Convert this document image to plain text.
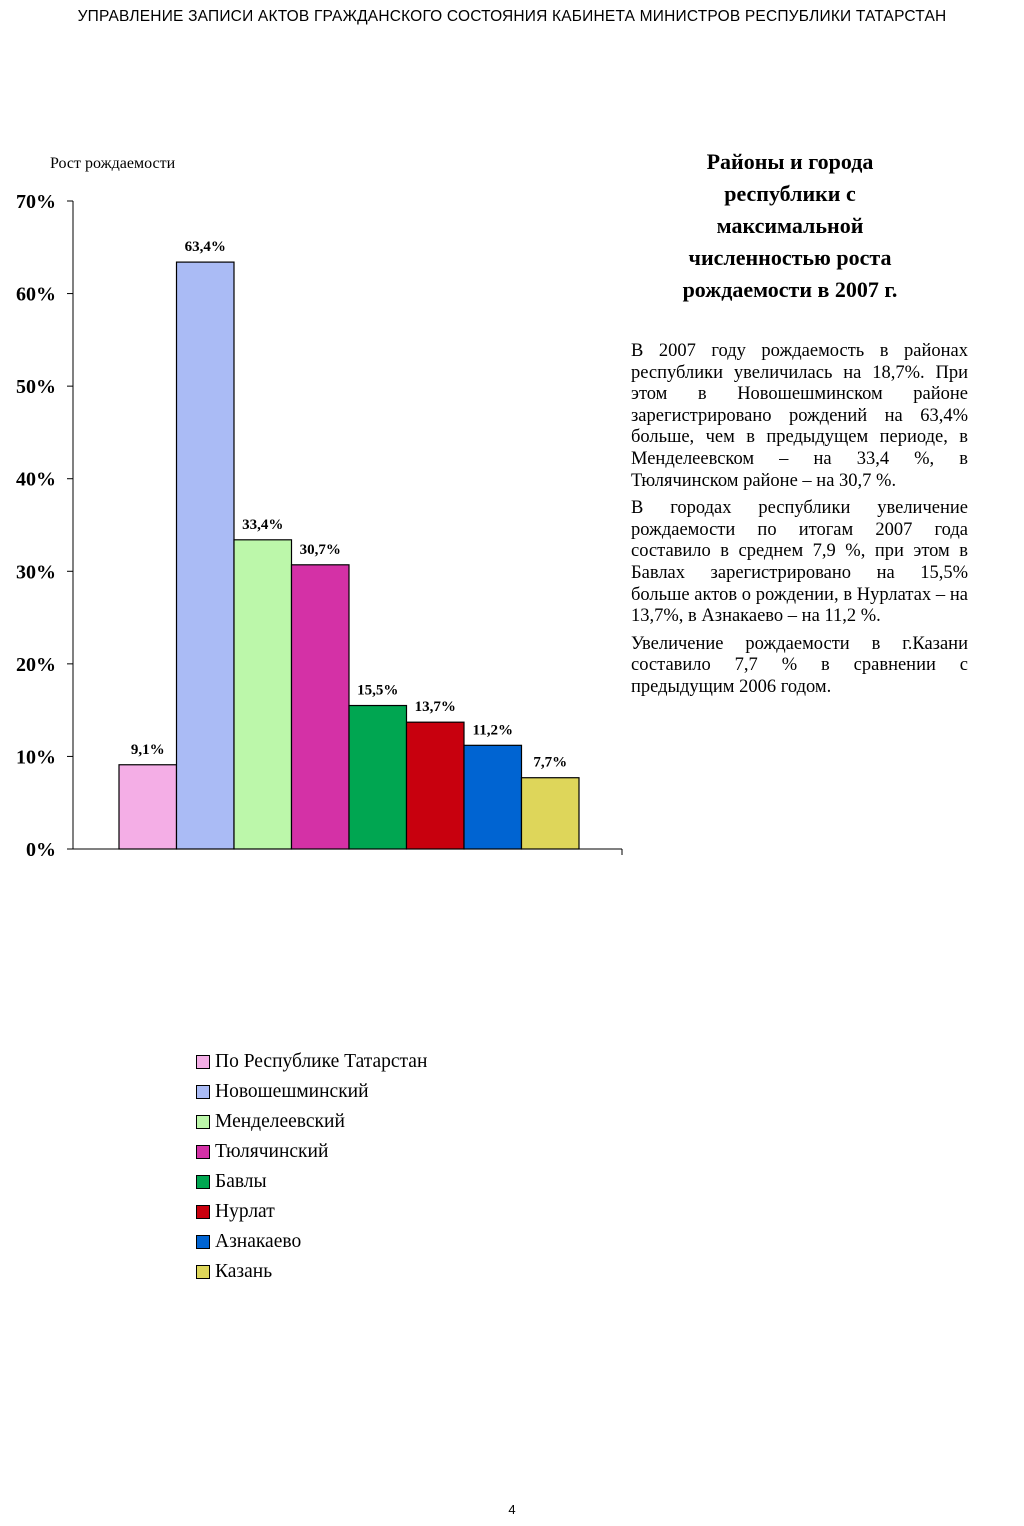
УПРАВЛЕНИЕ ЗАПИСИ АКТОВ ГРАЖДАНСКОГО СОСТОЯНИЯ КАБИНЕТА МИНИСТРОВ РЕСПУБЛИКИ ТАТАРСТАН
Рост рождаемости
0%
10%
20%
30%
40%
50%
60%
70%
9,1%
63,4%
33,4%
30,7%
15,5%
13,7%
11,2%
7,7%
Районы и города
республики с
максимальной
численностью роста
рождаемости в 2007 г.

В 2007 году рождаемость в районах республики увеличилась на 18,7%. При этом в Новошешминском районе зарегистрировано рождений на 63,4% больше, чем в предыдущем периоде, в Менделеевском – на 33,4 %, в Тюлячинском районе – на 30,7 %.

В городах республики увеличение рождаемости по итогам 2007 года составило в среднем 7,9 %, при этом в Бавлах зарегистрировано на 15,5% больше актов о рождении, в Нурлатах – на 13,7%, в Азнакаево – на 11,2 %.

Увеличение рождаемости в г.Казани составило 7,7 % в сравнении с предыдущим 2006 годом.

По Республике Татарстан
Новошешминский
Менделеевский
Тюлячинский
Бавлы
Нурлат
Азнакаево
Казань
4
